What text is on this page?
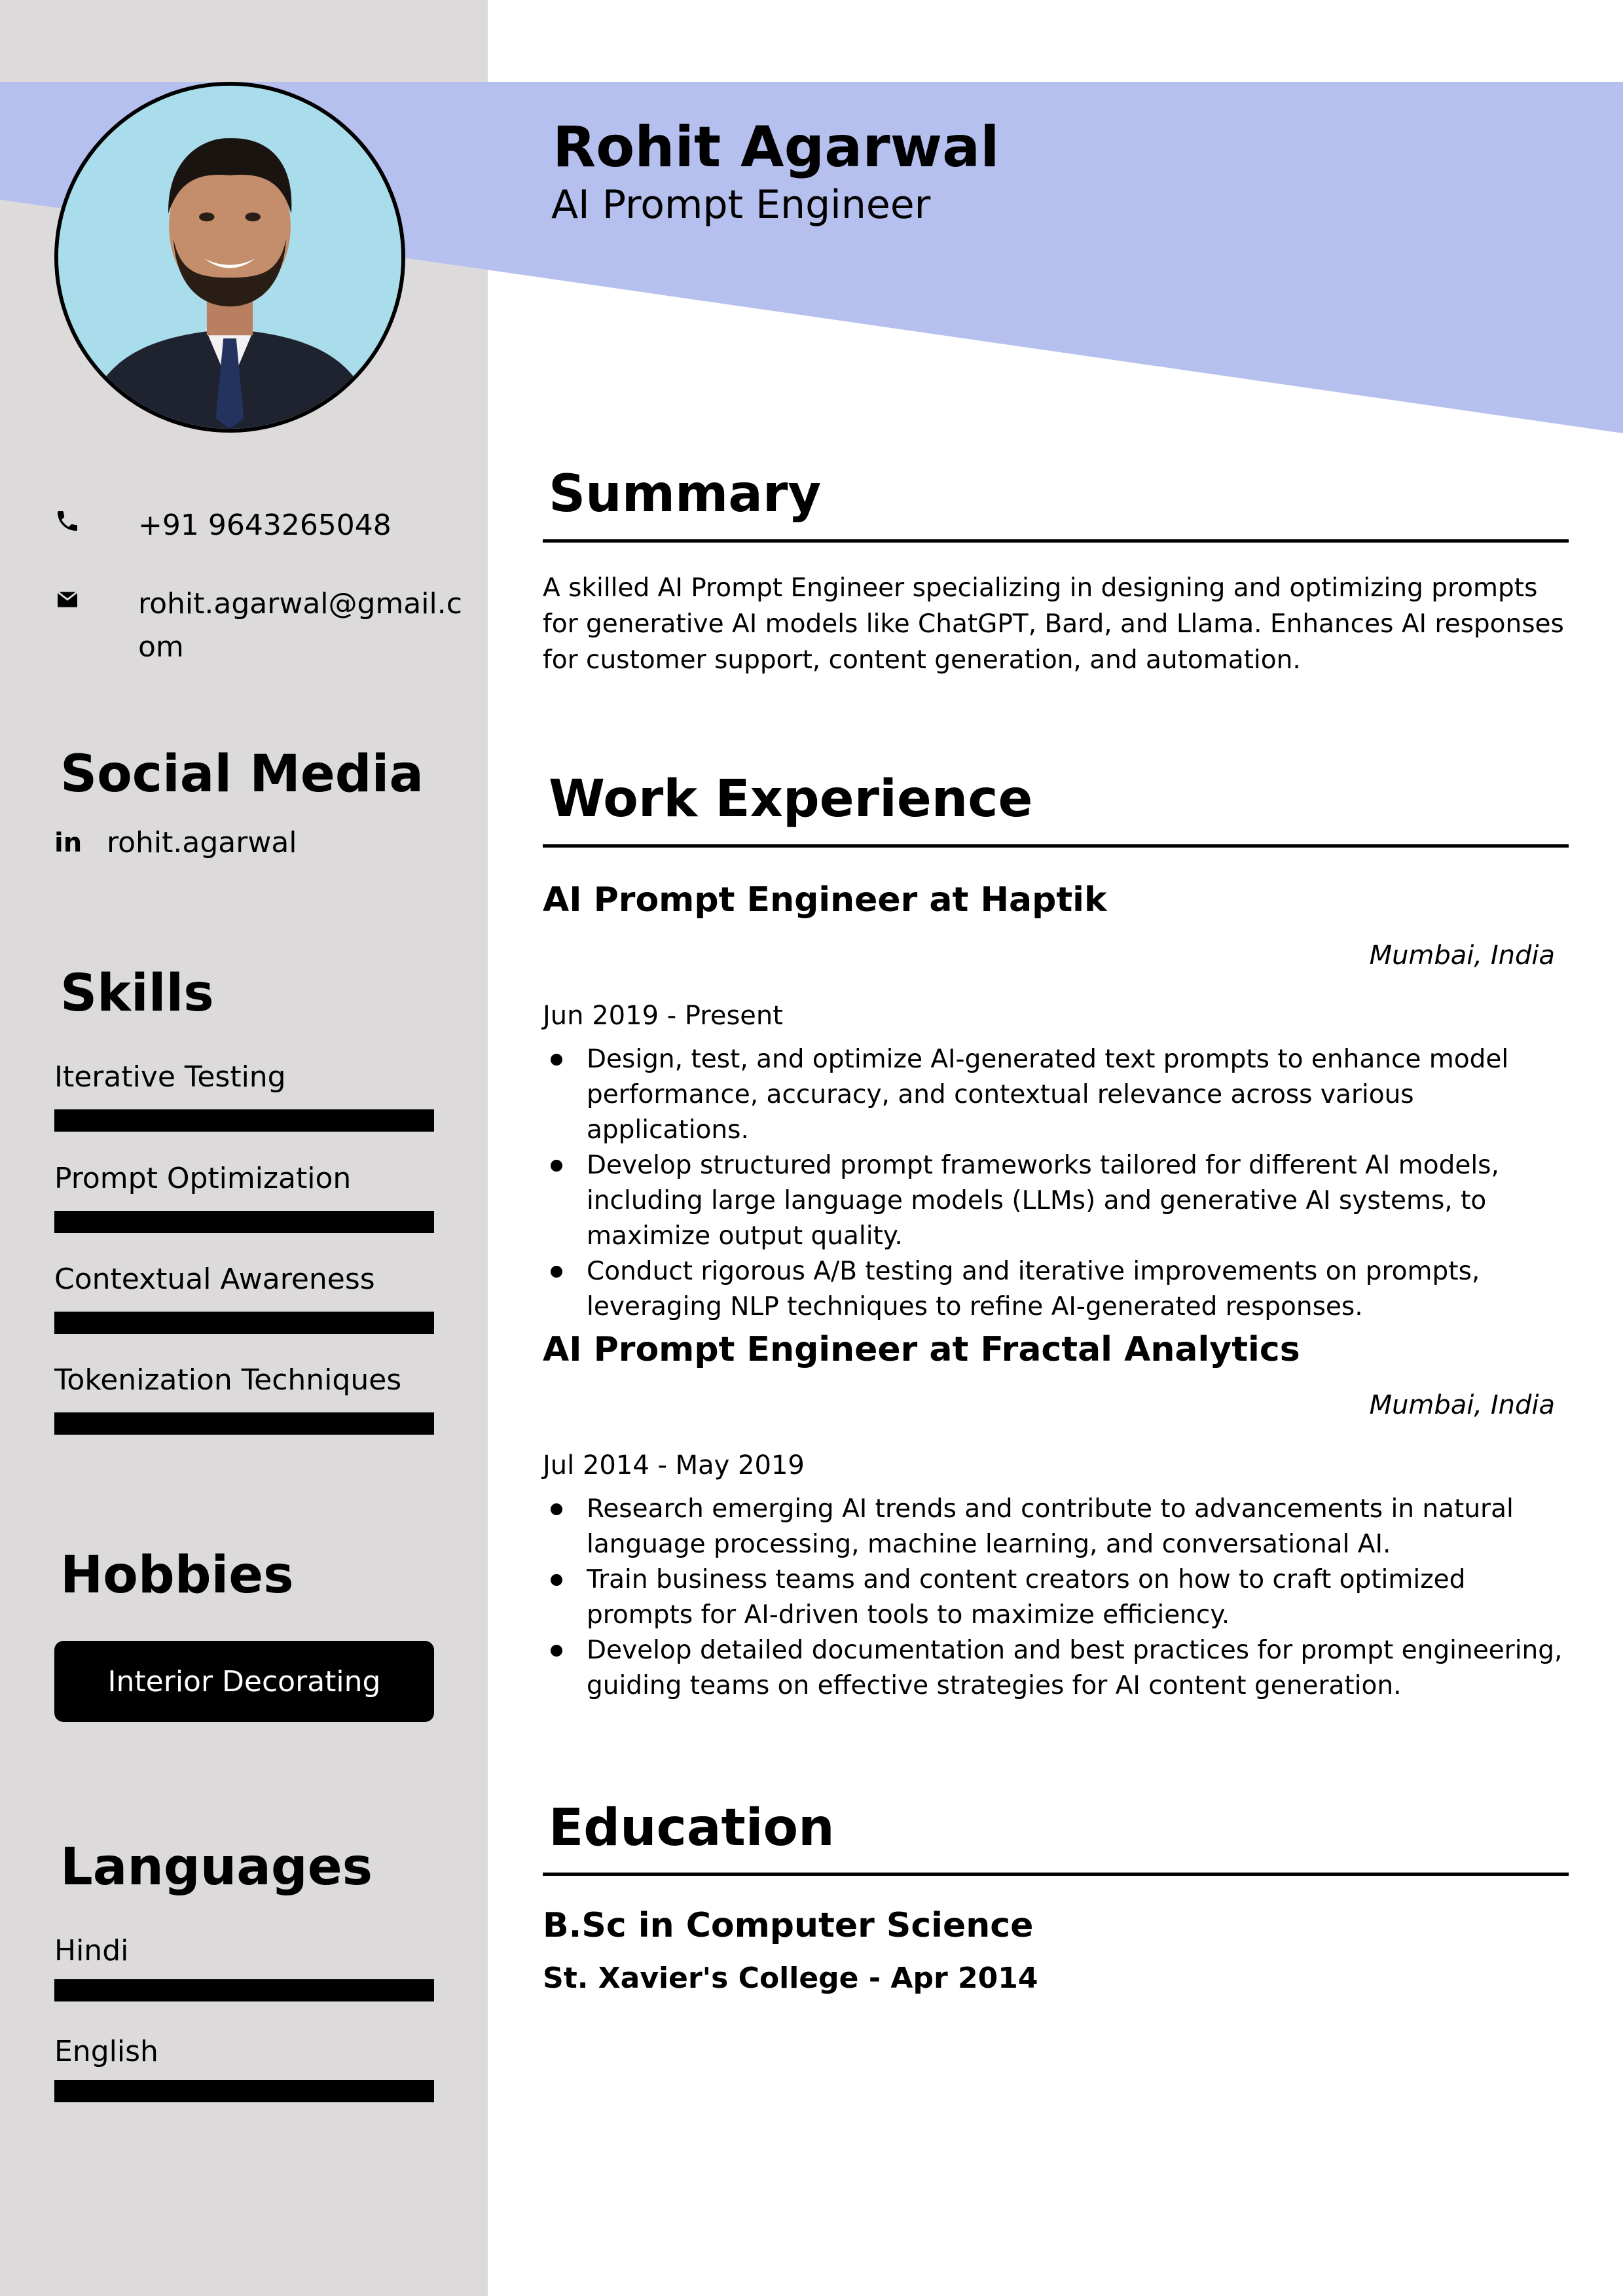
Rohit Agarwal
AI Prompt Engineer
+91 9643265048
rohit.agarwal@gmail.com
Social Media
in rohit.agarwal
Skills
Iterative Testing
Prompt Optimization
Contextual Awareness
Tokenization Techniques
Hobbies
Interior Decorating
Languages
Hindi
English
Summary
A skilled AI Prompt Engineer specializing in designing and optimizing prompts for generative AI models like ChatGPT, Bard, and Llama. Enhances AI responses for customer support, content generation, and automation.
Work Experience
AI Prompt Engineer at Haptik
Mumbai, India
Jun 2019 - Present
Design, test, and optimize AI-generated text prompts to enhance model performance, accuracy, and contextual relevance across various applications.
Develop structured prompt frameworks tailored for different AI models, including large language models (LLMs) and generative AI systems, to maximize output quality.
Conduct rigorous A/B testing and iterative improvements on prompts, leveraging NLP techniques to refine AI-generated responses.
AI Prompt Engineer at Fractal Analytics
Mumbai, India
Jul 2014 - May 2019
Research emerging AI trends and contribute to advancements in natural language processing, machine learning, and conversational AI.
Train business teams and content creators on how to craft optimized prompts for AI-driven tools to maximize efficiency.
Develop detailed documentation and best practices for prompt engineering, guiding teams on effective strategies for AI content generation.
Education
B.Sc in Computer Science
St. Xavier's College - Apr 2014
